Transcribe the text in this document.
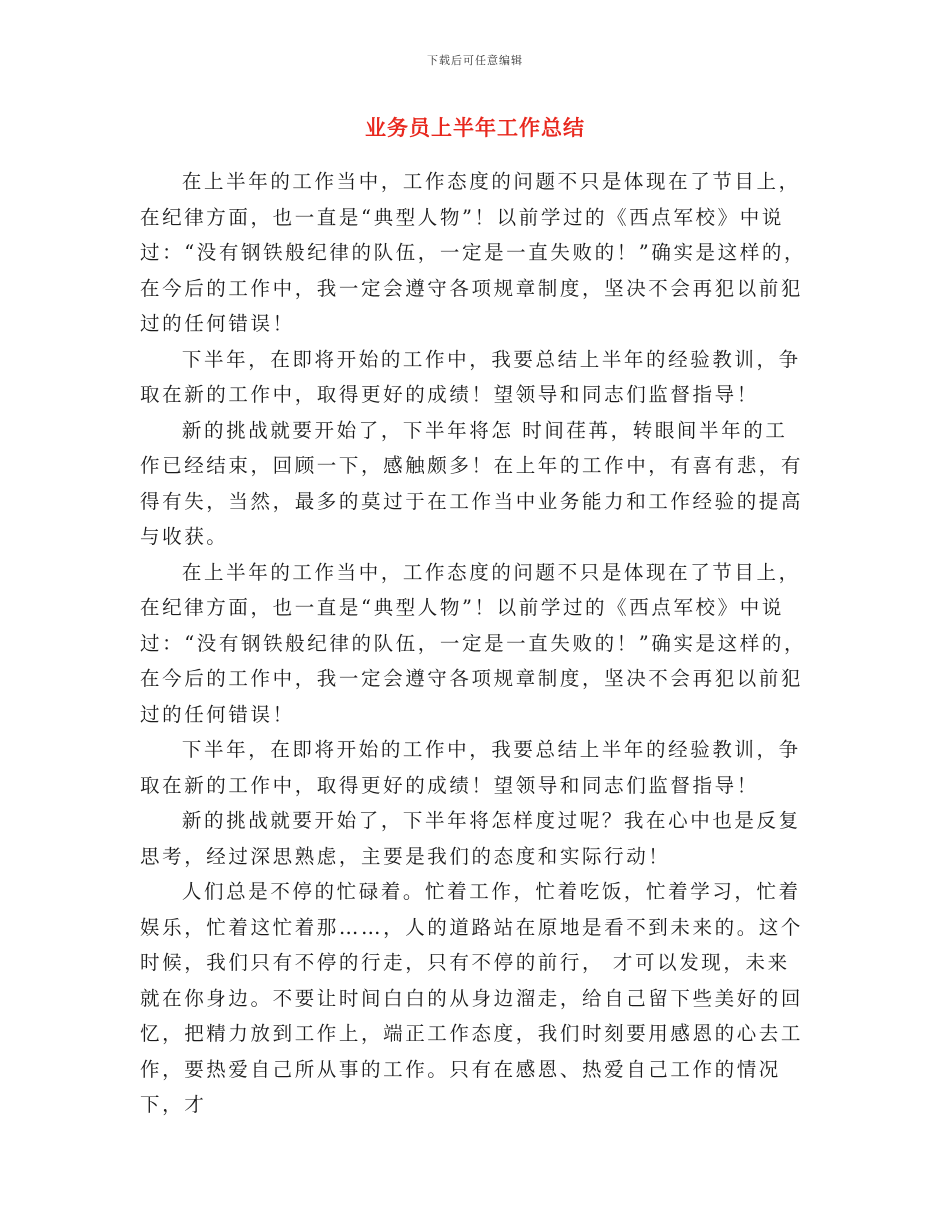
下载后可任意编辑
业务员上半年工作总结

在上半年的工作当中，工作态度的问题不只是体现在了节目上，在纪律方面，也一直是“典型人物”！以前学过的《西点军校》中说过：“没有钢铁般纪律的队伍，一定是一直失败的！”确实是这样的，在今后的工作中，我一定会遵守各项规章制度，坚决不会再犯以前犯过的任何错误！

下半年，在即将开始的工作中，我要总结上半年的经验教训，争取在新的工作中，取得更好的成绩！望领导和同志们监督指导！

新的挑战就要开始了，下半年将怎 时间荏苒，转眼间半年的工作已经结束，回顾一下，感触颇多！在上年的工作中，有喜有悲，有得有失，当然，最多的莫过于在工作当中业务能力和工作经验的提高与收获。

在上半年的工作当中，工作态度的问题不只是体现在了节目上，在纪律方面，也一直是“典型人物”！以前学过的《西点军校》中说过：“没有钢铁般纪律的队伍，一定是一直失败的！”确实是这样的，在今后的工作中，我一定会遵守各项规章制度，坚决不会再犯以前犯过的任何错误！

下半年，在即将开始的工作中，我要总结上半年的经验教训，争取在新的工作中，取得更好的成绩！望领导和同志们监督指导！

新的挑战就要开始了，下半年将怎样度过呢？我在心中也是反复思考，经过深思熟虑，主要是我们的态度和实际行动！

人们总是不停的忙碌着。忙着工作，忙着吃饭，忙着学习，忙着娱乐，忙着这忙着那……，人的道路站在原地是看不到未来的。这个时候，我们只有不停的行走，只有不停的前行， 才可以发现，未来就在你身边。不要让时间白白的从身边溜走，给自己留下些美好的回忆，把精力放到工作上，端正工作态度，我们时刻要用感恩的心去工作，要热爱自己所从事的工作。只有在感恩、热爱自己工作的情况下，才
